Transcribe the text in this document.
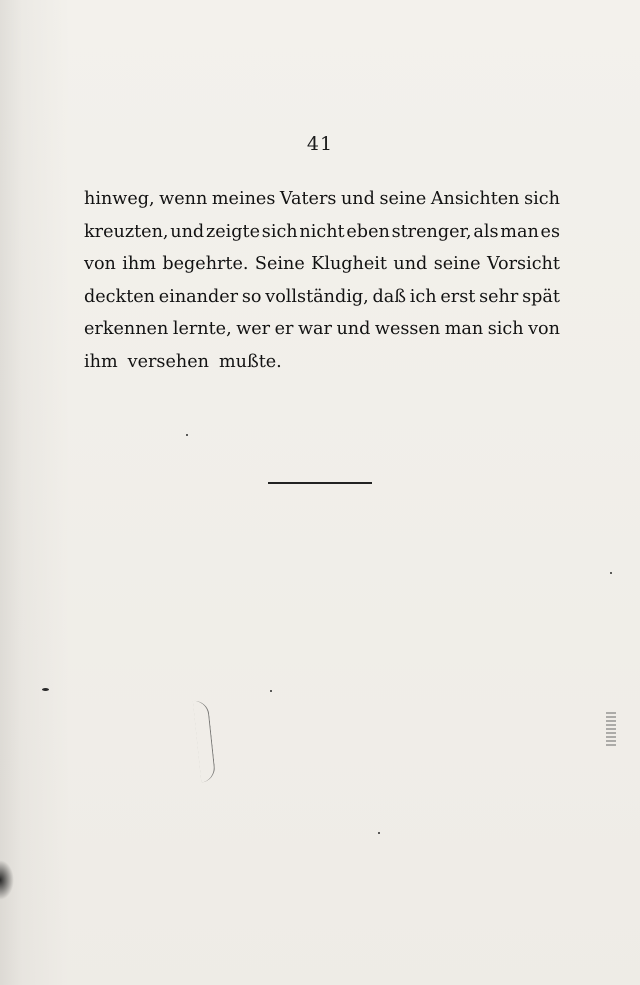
41
hinweg, wenn meines Vaters und seine Ansichten sich
kreuzten, und zeigte sich nicht eben strenger, als man es
von ihm begehrte. Seine Klugheit und seine Vorsicht
deckten einander so vollständig, daß ich erst sehr spät
erkennen lernte, wer er war und wessen man sich von
ihm versehen mußte.
